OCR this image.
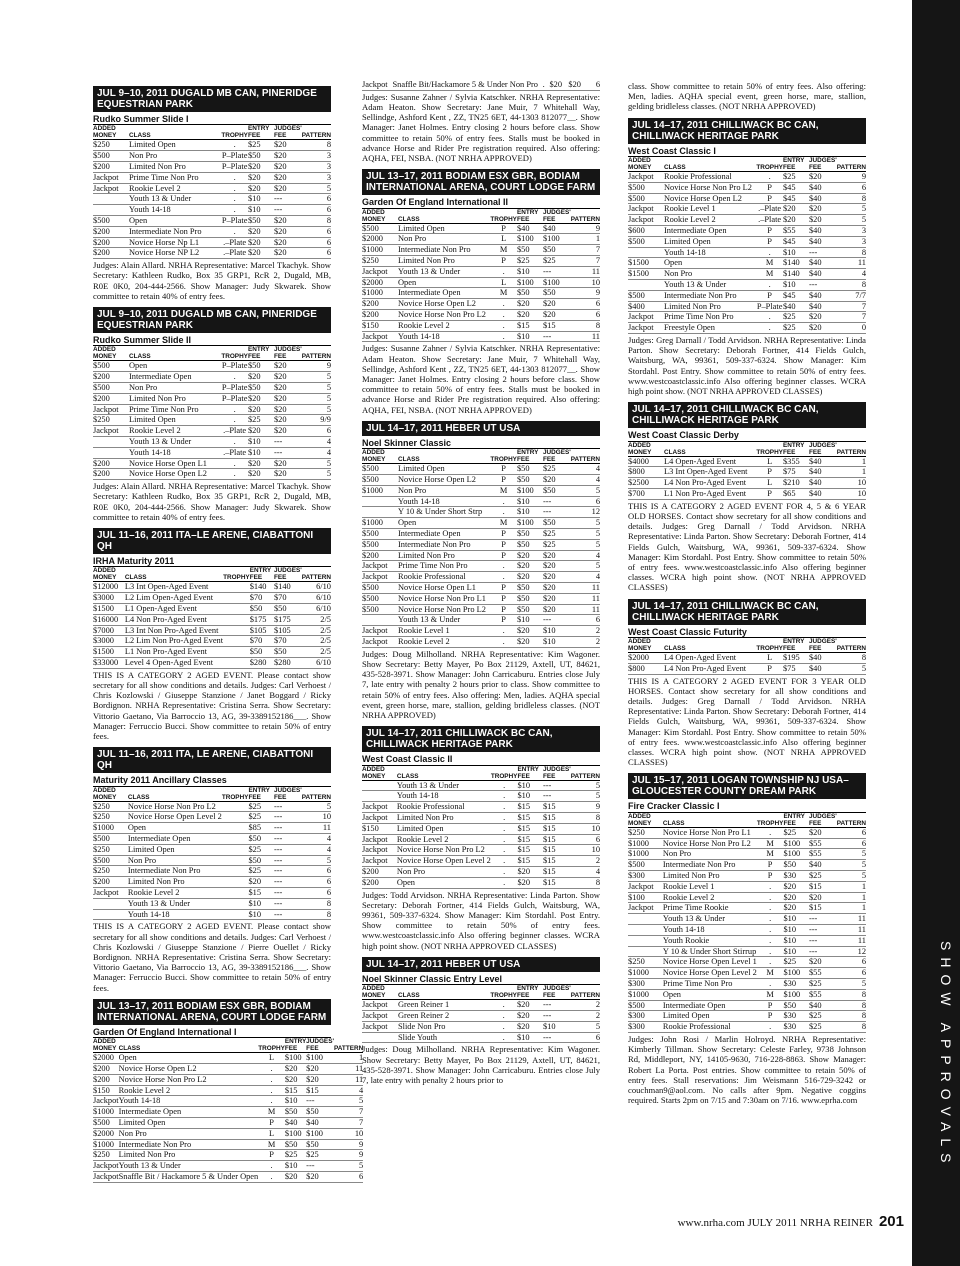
JUL 9–10, 2011 DUGALD MB CAN, PINERIDGE EQUESTRIAN PARK
Rudko Summer Slide I
ADDED MONEY	CLASS	TROPHY	ENTRY FEE	JUDGES' FEE	PATTERN
$250	Limited Open	.	$25	$20	8
$500	Non Pro	P–Plate	$50	$20	3
$200	Limited Non Pro	P–Plate	$20	$20	3
Jackpot	Prime Time Non Pro	.	$20	$20	3
Jackpot	Rookie Level 2	.	$20	$20	5
	Youth 13 & Under	.	$10	---	6
	Youth 14-18	.	$10	---	6
$500	Open	P–Plate	$50	$20	8
$200	Intermediate Non Pro	.	$20	$20	6
$200	Novice Horse Np L1	.–Plate	$20	$20	6
$200	Novice Horse NP L2	.–Plate	$20	$20	6
Judges: Alain Allard. NRHA Representative: Marcel Tkachyk. Show Secretary: Kathleen Rudko, Box 35 GRP1, RcR 2, Dugald, MB, R0E 0K0, 204-444-2566. Show Manager: Judy Skwarek. Show committee to retain 40% of entry fees.
JUL 9–10, 2011 DUGALD MB CAN, PINERIDGE EQUESTRIAN PARK
Rudko Summer Slide II
ADDED MONEY	CLASS	TROPHY	ENTRY FEE	JUDGES' FEE	PATTERN
$500	Open	P–Plate	$50	$20	9
$200	Intermediate Open	.	$20	$20	5
$500	Non Pro	P–Plate	$50	$20	5
$200	Limited Non Pro	P–Plate	$20	$20	5
Jackpot	Prime Time Non Pro	.	$20	$20	5
$250	Limited Open	.	$25	$20	9/9
Jackpot	Rookie Level 2	.–Plate	$20	$20	6
	Youth 13 & Under	.	$10	---	4
	Youth 14-18	.–Plate	$10	---	4
$200	Novice Horse Open L1	.	$20	$20	5
$200	Novice Horse Open L2	.	$20	$20	5
Judges: Alain Allard. NRHA Representative: Marcel Tkachyk. Show Secretary: Kathleen Rudko, Box 35 GRP1, RcR 2, Dugald, MB, R0E 0K0, 204-444-2566. Show Manager: Judy Skwarek. Show committee to retain 40% of entry fees.
JUL 11–16, 2011 ITA–LE ARENE, CIABATTONI QH
IRHA Maturity 2011
ADDED MONEY	CLASS	TROPHY	ENTRY FEE	JUDGES' FEE	PATTERN
$12000	L3 Int Open-Aged Event		$140	$140	6/10
$3000	L2 Lim Open-Aged Event		$70	$70	6/10
$1500	L1 Open-Aged Event		$50	$50	6/10
$16000	L4 Non Pro-Aged Event		$175	$175	2/5
$7000	L3 Int Non Pro-Aged Event		$105	$105	2/5
$3000	L2 Lim Non Pro-Aged Event		$70	$70	2/5
$1500	L1 Non Pro-Aged Event		$50	$50	2/5
$33000	Level 4 Open-Aged Event		$280	$280	6/10
THIS IS A CATEGORY 2 AGED EVENT. Please contact show secretary for all show conditions and details. Judges: Carl Verhoest / Chris Kozlowski / Giuseppe Stanzione / Janet Boggard / Ricky Bordignon. NRHA Representative: Cristina Serra. Show Secretary: Vittorio Gaetano, Via Barroccio 13, AG, 39-3389152186___. Show Manager: Ferruccio Bucci. Show committee to retain 50% of entry fees.
JUL 11–16, 2011 ITA, LE ARENE, CIABATTONI QH
Maturity 2011 Ancillary Classes
ADDED MONEY	CLASS	TROPHY	ENTRY FEE	JUDGES' FEE	PATTERN
$250	Novice Horse Non Pro L2		$25	---	5
$250	Novice Horse Open Level 2		$25	---	10
$1000	Open		$85	---	11
$500	Intermediate Open		$50	---	4
$250	Limited Open		$25	---	4
$500	Non Pro		$50	---	5
$250	Intermediate Non Pro		$25	---	6
$200	Limited Non Pro		$20	---	6
Jackpot	Rookie Level 2		$15	---	6
	Youth 13 & Under		$10	---	8
	Youth 14-18		$10	---	8
THIS IS A CATEGORY 2 AGED EVENT. Please contact show secretary for all show conditions and details. Judges: Carl Verhoest / Chris Kozlowski / Giuseppe Stanzione / Pierre Ouellet / Ricky Bordignon. NRHA Representative: Cristina Serra. Show Secretary: Vittorio Gaetano, Via Barroccio 13, AG, 39-3389152186___. Show Manager: Ferruccio Bucci. Show committee to retain 50% of entry fees.
JUL 13–17, 2011 BODIAM ESX GBR, BODIAM INTERNATIONAL ARENA, COURT LODGE FARM
Garden Of England International I
ADDED MONEY	CLASS	TROPHY	ENTRY FEE	JUDGES' FEE	PATTERN
$2000	Open	L	$100	$100	1
$200	Novice Horse Open L2	.	$20	$20	11
$200	Novice Horse Non Pro L2	.	$20	$20	11
$150	Rookie Level 2	.	$15	$15	4
Jackpot	Youth 14-18	.	$10	---	5
$1000	Intermediate Open	M	$50	$50	7
$500	Limited Open	P	$40	$40	7
$2000	Non Pro	L	$100	$100	10
$1000	Intermediate Non Pro	M	$50	$50	9
$250	Limited Non Pro	P	$25	$25	9
Jackpot	Youth 13 & Under	.	$10	---	5
Jackpot	Snaffle Bit / Hackamore 5 & Under Open	.	$20	$20	6
Jackpot	Snaffle Bit/Hackamore 5 & Under Non Pro	.	$20	$20	6
Judges: Susanne Zahner / Sylvia Katschker. NRHA Representative: Adam Heaton. Show Secretary: Jane Muir, 7 Whitehall Way, Sellindge, Ashford Kent , ZZ, TN25 6ET, 44-1303 812077__. Show Manager: Janet Holmes. Entry closing 2 hours before class. Show committee to retain 50% of entry fees. Stalls must be booked in advance Horse and Rider Pre registration required. Also offering: AQHA, FEI, NSBA. (NOT NRHA APPROVED)
JUL 13–17, 2011 BODIAM ESX GBR, BODIAM INTERNATIONAL ARENA, COURT LODGE FARM
Garden Of England International II
ADDED MONEY	CLASS	TROPHY	ENTRY FEE	JUDGES' FEE	PATTERN
$500	Limited Open	P	$40	$40	9
$2000	Non Pro	L	$100	$100	1
$1000	Intermediate Non Pro	M	$50	$50	7
$250	Limited Non Pro	P	$25	$25	7
Jackpot	Youth 13 & Under	.	$10	---	11
$2000	Open	L	$100	$100	10
$1000	Intermediate Open	M	$50	$50	9
$200	Novice Horse Open L2	.	$20	$20	6
$200	Novice Horse Non Pro L2	.	$20	$20	6
$150	Rookie Level 2	.	$15	$15	8
Jackpot	Youth 14-18	.	$10	---	11
Judges: Susanne Zahner / Sylvia Katschker. NRHA Representative: Adam Heaton. Show Secretary: Jane Muir, 7 Whitehall Way, Sellindge, Ashford Kent , ZZ, TN25 6ET, 44-1303 812077__. Show Manager: Janet Holmes. Entry closing 2 hours before class. Show committee to retain 50% of entry fees. Stalls must be booked in advance Horse and Rider Pre registration required. Also offering: AQHA, FEI, NSBA. (NOT NRHA APPROVED)
JUL 14–17, 2011 HEBER UT USA
Noel Skinner Classic
ADDED MONEY	CLASS	TROPHY	ENTRY FEE	JUDGES' FEE	PATTERN
$500	Limited Open	P	$50	$25	4
$500	Novice Horse Open L2	P	$50	$20	4
$1000	Non Pro	M	$100	$50	5
	Youth 14-18	.	$10	---	6
	Y 10 & Under Short Strp	.	$10	---	12
$1000	Open	M	$100	$50	5
$500	Intermediate Open	P	$50	$25	5
$500	Intermediate Non Pro	P	$50	$25	5
$200	Limited Non Pro	P	$20	$20	4
Jackpot	Prime Time Non Pro	.	$20	$20	5
Jackpot	Rookie Professional	.	$20	$20	4
$500	Novice Horse Open L1	P	$50	$20	11
$500	Novice Horse Non Pro L1	P	$50	$20	11
$500	Novice Horse Non Pro L2	P	$50	$20	11
	Youth 13 & Under	P	$10	---	6
Jackpot	Rookie Level 1	.	$20	$10	2
Jackpot	Rookie Level 2	.	$20	$10	2
Judges: Doug Milholland. NRHA Representative: Kim Wagoner. Show Secretary: Betty Mayer, Po Box 21129, Axtell, UT, 84621, 435-528-3971. Show Manager: John Carricaburu. Entries close July 7, late entry with penalty 2 hours prior to class. Show committee to retain 50% of entry fees. Also offering: Men, ladies. AQHA special event, green horse, mare, stallion, gelding bridleless classes. (NOT NRHA APPROVED)
JUL 14–17, 2011 CHILLIWACK BC CAN, CHILLIWACK HERITAGE PARK
West Coast Classic II
ADDED MONEY	CLASS	TROPHY	ENTRY FEE	JUDGES' FEE	PATTERN
	Youth 13 & Under	.	$10	---	5
	Youth 14-18	.	$10	---	5
Jackpot	Rookie Professional	.	$15	$15	9
Jackpot	Limited Non Pro	.	$15	$15	8
$150	Limited Open	.	$15	$15	10
Jackpot	Rookie Level 2	.	$15	$15	6
Jackpot	Novice Horse Non Pro L2	.	$15	$15	10
Jackpot	Novice Horse Open Level 2	.	$15	$15	2
$200	Non Pro	.	$20	$15	4
$200	Open	.	$20	$15	8
Judges: Todd Arvidson. NRHA Representative: Linda Parton. Show Secretary: Deborah Fortner, 414 Fields Gulch, Waitsburg, WA, 99361, 509-337-6324. Show Manager: Kim Stordahl. Post Entry. Show committee to retain 50% of entry fees. www.westcoastclassic.info Also offering beginner classes. WCRA high point show. (NOT NRHA APPROVED CLASSES)
JUL 14–17, 2011 HEBER UT USA
Noel Skinner Classic Entry Level
ADDED MONEY	CLASS	TROPHY	ENTRY FEE	JUDGES' FEE	PATTERN
Jackpot	Green Reiner 1	.	$20	---	2
Jackpot	Green Reiner 2	.	$20	---	2
Jackpot	Slide Non Pro	.	$20	$10	5
	Slide Youth	.	$10	---	6
Judges: Doug Milholland. NRHA Representative: Kim Wagoner. Show Secretary: Betty Mayer, Po Box 21129, Axtell, UT, 84621, 435-528-3971. Show Manager: John Carricaburu. Entries close July 7, late entry with penalty 2 hours prior to
class. Show committee to retain 50% of entry fees. Also offering: Men, ladies. AQHA special event, green horse, mare, stallion, gelding bridleless classes. (NOT NRHA APPROVED)
JUL 14–17, 2011 CHILLIWACK BC CAN, CHILLIWACK HERITAGE PARK
West Coast Classic I
ADDED MONEY	CLASS	TROPHY	ENTRY FEE	JUDGES' FEE	PATTERN
Jackpot	Rookie Professional	.	$25	$20	9
$500	Novice Horse Non Pro L2	P	$45	$40	6
$500	Novice Horse Open L2	P	$45	$40	8
Jackpot	Rookie Level 1	.–Plate	$20	$20	5
Jackpot	Rookie Level 2	.–Plate	$20	$20	5
$600	Intermediate Open	P	$55	$40	3
$500	Limited Open	P	$45	$40	3
	Youth 14-18	.	$10	---	8
$1500	Open	M	$140	$40	11
$1500	Non Pro	M	$140	$40	4
	Youth 13 & Under	.	$10	---	8
$500	Intermediate Non Pro	P	$45	$40	7/7
$400	Limited Non Pro	P–Plate	$40	$40	7
Jackpot	Prime Time Non Pro	.	$25	$20	7
Jackpot	Freestyle Open	.	$25	$20	0
Judges: Greg Darnall / Todd Arvidson. NRHA Representative: Linda Parton. Show Secretary: Deborah Fortner, 414 Fields Gulch, Waitsburg, WA, 99361, 509-337-6324. Show Manager: Kim Stordahl. Post Entry. Show committee to retain 50% of entry fees. www.westcoastclassic.info Also offering beginner classes. WCRA high point show. (NOT NRHA APPROVED CLASSES)
JUL 14–17, 2011 CHILLIWACK BC CAN, CHILLIWACK HERITAGE PARK
West Coast Classic Derby
ADDED MONEY	CLASS	TROPHY	ENTRY FEE	JUDGES' FEE	PATTERN
$4000	L4 Open-Aged Event	L	$355	$40	1
$800	L3 Int Open-Aged Event	P	$75	$40	1
$2500	L4 Non Pro-Aged Event	L	$210	$40	10
$700	L1 Non Pro-Aged Event	P	$65	$40	10
THIS IS A CATEGORY 2 AGED EVENT FOR 4, 5 & 6 YEAR OLD HORSES. Contact show secretary for all show conditions and details. Judges: Greg Darnall / Todd Arvidson. NRHA Representative: Linda Parton. Show Secretary: Deborah Fortner, 414 Fields Gulch, Waitsburg, WA, 99361, 509-337-6324. Show Manager: Kim Stordahl. Post Entry. Show committee to retain 50% of entry fees. www.westcoastclassic.info Also offering beginner classes. WCRA high point show. (NOT NRHA APPROVED CLASSES)
JUL 14–17, 2011 CHILLIWACK BC CAN, CHILLIWACK HERITAGE PARK
West Coast Classic Futurity
ADDED MONEY	CLASS	TROPHY	ENTRY FEE	JUDGES' FEE	PATTERN
$2000	L4 Open-Aged Event	L	$195	$40	8
$800	L4 Non Pro-Aged Event	P	$75	$40	5
THIS IS A CATEGORY 2 AGED EVENT FOR 3 YEAR OLD HORSES. Contact show secretary for all show conditions and details. Judges: Greg Darnall / Todd Arvidson. NRHA Representative: Linda Parton. Show Secretary: Deborah Fortner, 414 Fields Gulch, Waitsburg, WA, 99361, 509-337-6324. Show Manager: Kim Stordahl. Post Entry. Show committee to retain 50% of entry fees. www.westcoastclassic.info Also offering beginner classes. WCRA high point show. (NOT NRHA APPROVED CLASSES)
JUL 15–17, 2011 LOGAN TOWNSHIP NJ USA–GLOUCESTER COUNTY DREAM PARK
Fire Cracker Classic I
ADDED MONEY	CLASS	TROPHY	ENTRY FEE	JUDGES' FEE	PATTERN
$250	Novice Horse Non Pro L1	.	$25	$20	6
$1000	Novice Horse Non Pro L2	M	$100	$55	6
$1000	Non Pro	M	$100	$55	5
$500	Intermediate Non Pro	P	$50	$40	5
$300	Limited Non Pro	P	$30	$25	5
Jackpot	Rookie Level 1	.	$20	$15	1
$100	Rookie Level 2	.	$20	$20	1
Jackpot	Prime Time Rookie	.	$20	$15	1
	Youth 13 & Under	.	$10	---	11
	Youth 14-18	.	$10	---	11
	Youth Rookie	.	$10	---	11
	Y 10 & Under Short Stirrup	.	$10	---	12
$250	Novice Horse Open Level 1	.	$25	$20	6
$1000	Novice Horse Open Level 2	M	$100	$55	6
$300	Prime Time Non Pro	.	$30	$25	5
$1000	Open	M	$100	$55	8
$500	Intermediate Open	P	$50	$40	8
$300	Limited Open	P	$30	$25	8
$300	Rookie Professional	.	$30	$25	8
Judges: John Rosi / Marlin Holroyd. NRHA Representative: Kimberly Tillman. Show Secretary: Celeste Farley, 9738 Johnson Rd, Middleport, NY, 14105-9630, 716-228-8863. Show Manager: Robert La Porta. Post entries. Show committee to retain 50% of entry fees. Stall reservations: Jim Weismann 516-729-3242 or couchman9@aol.com. No calls after 9pm. Negative coggins required. Starts 2pm on 7/15 and 7:30am on 7/16. www.eprha.com	SHOW APPROVALS
www.nrha.com JULY 2011 NRHA REINER 201
